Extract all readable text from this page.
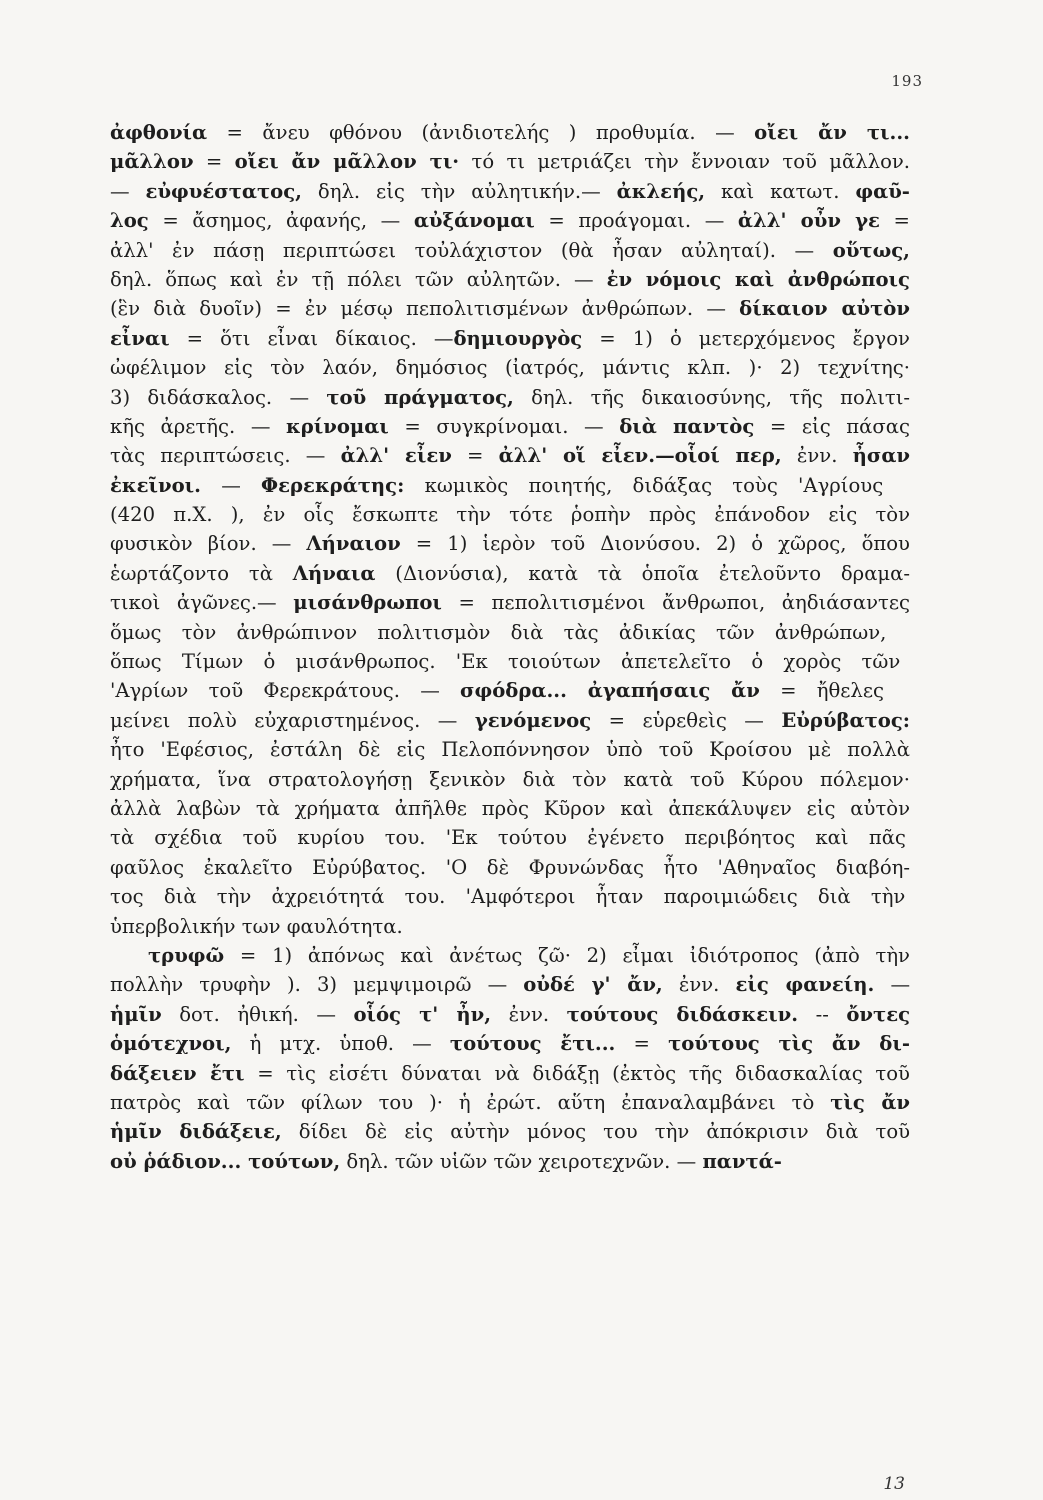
193
ἀφθονία = ἄνευ φθόνου (ἀνιδιοτελής ) προθυμία. — οἴει ἄν τι...
μᾶλλον = οἴει ἄν μᾶλλον τι· τό τι μετριάζει τὴν ἔννοιαν τοῦ μᾶλλον.
— εὐφυέστατος, δηλ. εἰς τὴν αὐλητικήν.— ἀκλεής, καὶ κατωτ. φαῦ-
λος = ἄσημος, ἀφανής, — αὐξάνομαι = προάγομαι. — ἀλλ' οὖν γε =
ἀλλ' ἐν πάσῃ περιπτώσει τοὐλάχιστον (θὰ ἦσαν αὐληταί). — οὕτως,
δηλ. ὅπως καὶ ἐν τῇ πόλει τῶν αὐλητῶν. — ἐν νόμοις καὶ ἀνθρώποις
(ἓν διὰ δυοῖν) = ἐν μέσῳ πεπολιτισμένων ἀνθρώπων. — δίκαιον αὐτὸν
εἶναι = ὅτι εἶναι δίκαιος. —δημιουργὸς = 1) ὁ μετερχόμενος ἔργον
ὠφέλιμον εἰς τὸν λαόν, δημόσιος (ἰατρός, μάντις κλπ. )· 2) τεχνίτης·
3) διδάσκαλος. — τοῦ πράγματος, δηλ. τῆς δικαιοσύνης, τῆς πολιτι-
κῆς ἀρετῆς. — κρίνομαι = συγκρίνομαι. — διὰ παντὸς = εἰς πάσας
τὰς περιπτώσεις. — ἀλλ' εἶεν = ἀλλ' οἵ εἶεν.—οἷοί περ, ἐνν. ἦσαν
ἐκεῖνοι. — Φερεκράτης: κωμικὸς ποιητής, διδάξας τοὺς 'Αγρίους
(420 π.Χ. ), ἐν οἷς ἔσκωπτε τὴν τότε ῥοπὴν πρὸς ἐπάνοδον εἰς τὸν
φυσικὸν βίον. — Λήναιον = 1) ἱερὸν τοῦ Διονύσου. 2) ὁ χῶρος, ὅπου
ἑωρτάζοντο τὰ Λήναια (Διονύσια), κατὰ τὰ ὁποῖα ἐτελοῦντο δραμα-
τικοὶ ἀγῶνες.— μισάνθρωποι = πεπολιτισμένοι ἄνθρωποι, ἀηδιάσαντες
ὅμως τὸν ἀνθρώπινον πολιτισμὸν διὰ τὰς ἀδικίας τῶν ἀνθρώπων,
ὅπως Τίμων ὁ μισάνθρωπος. 'Εκ τοιούτων ἀπετελεῖτο ὁ χορὸς τῶν
'Αγρίων τοῦ Φερεκράτους. — σφόδρα... ἀγαπήσαις ἄν = ἤθελες
μείνει πολὺ εὐχαριστημένος. — γενόμενος = εὑρεθεὶς — Εὐρύβατος:
ἦτο 'Εφέσιος, ἐστάλη δὲ εἰς Πελοπόννησον ὑπὸ τοῦ Κροίσου μὲ πολλὰ
χρήματα, ἵνα στρατολογήσῃ ξενικὸν διὰ τὸν κατὰ τοῦ Κύρου πόλεμον·
ἀλλὰ λαβὼν τὰ χρήματα ἀπῆλθε πρὸς Κῦρον καὶ ἀπεκάλυψεν εἰς αὐτὸν
τὰ σχέδια τοῦ κυρίου του. 'Εκ τούτου ἐγένετο περιβόητος καὶ πᾶς
φαῦλος ἐκαλεῖτο Εὐρύβατος. 'Ο δὲ Φρυνώνδας ἦτο 'Αθηναῖος διαβόη-
τος διὰ τὴν ἀχρειότητά του. 'Αμφότεροι ἦταν παροιμιώδεις διὰ τὴν
ὑπερβολικήν των φαυλότητα.
τρυφῶ = 1) ἀπόνως καὶ ἀνέτως ζῶ· 2) εἶμαι ἰδιότροπος (ἀπὸ τὴν
πολλὴν τρυφὴν ). 3) μεμψιμοιρῶ — οὐδέ γ' ἄν, ἐνν. εἰς φανείη. —
ἡμῖν δοτ. ἠθική. — οἷός τ' ἦν, ἐνν. τούτους διδάσκειν. -- ὄντες
ὁμότεχνοι, ἡ μτχ. ὑποθ. — τούτους ἔτι... = τούτους τὶς ἄν δι-
δάξειεν ἔτι = τὶς εἰσέτι δύναται νὰ διδάξῃ (ἐκτὸς τῆς διδασκαλίας τοῦ
πατρὸς καὶ τῶν φίλων του )· ἡ ἐρώτ. αὕτη ἐπαναλαμβάνει τὸ τὶς ἄν
ἡμῖν διδάξειε, δίδει δὲ εἰς αὐτὴν μόνος του τὴν ἀπόκρισιν διὰ τοῦ
οὐ ῥάδιον... τούτων, δηλ. τῶν υἱῶν τῶν χειροτεχνῶν. — παντά-
13
